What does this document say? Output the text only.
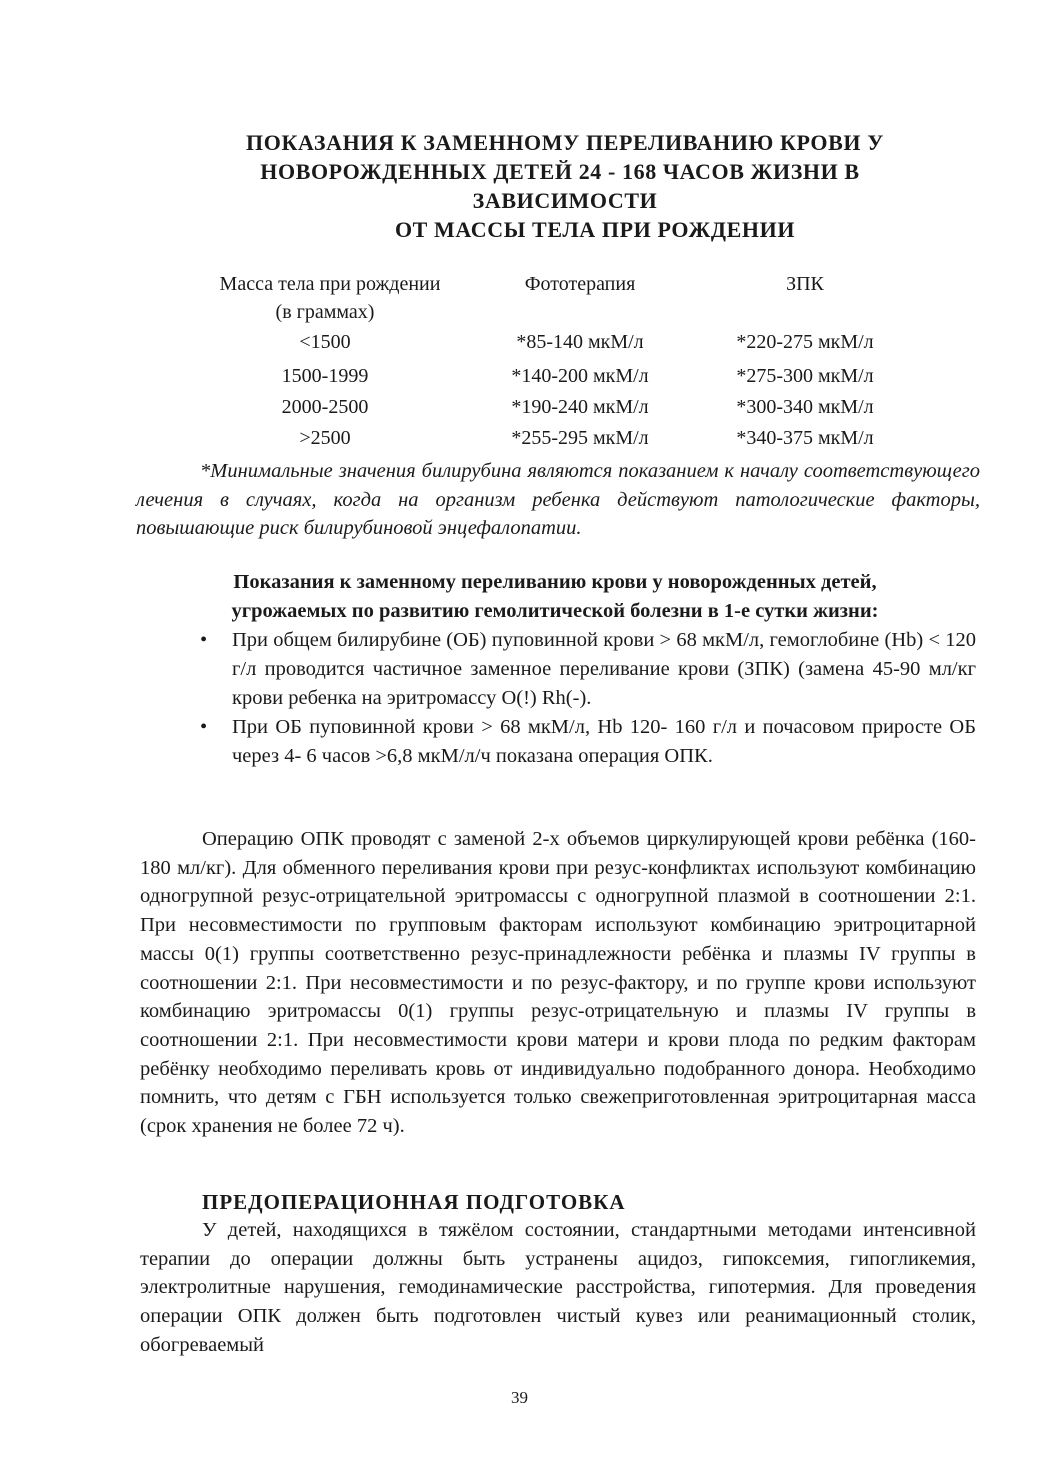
ПОКАЗАНИЯ К ЗАМЕННОМУ ПЕРЕЛИВАНИЮ КРОВИ У
НОВОРОЖДЕННЫХ ДЕТЕЙ 24 - 168 ЧАСОВ ЖИЗНИ В
ЗАВИСИМОСТИ
ОТ МАССЫ ТЕЛА ПРИ РОЖДЕНИИ
Масса тела при рождении	Фототерапия	ЗПК
(в граммах)
<1500	*85-140 мкМ/л	*220-275 мкМ/л
1500-1999	*140-200 мкМ/л	*275-300 мкМ/л
2000-2500	*190-240 мкМ/л	*300-340 мкМ/л
>2500	*255-295 мкМ/л	*340-375 мкМ/л
*Минимальные значения билирубина являются показанием к началу соответствующего лечения в случаях, когда на организм ребенка действуют патологические факторы, повышающие риск билирубиновой энцефалопатии.
Показания к заменному переливанию крови у новорожденных детей,
угрожаемых по развитию гемолитической болезни в 1-е сутки жизни:
• При общем билирубине (ОБ) пуповинной крови > 68 мкМ/л, гемоглобине (Hb) < 120 г/л проводится частичное заменное переливание крови (ЗПК) (замена 45-90 мл/кг крови ребенка на эритромассу О(!) Rh(-).
• При ОБ пуповинной крови > 68 мкМ/л, Hb 120- 160 г/л и почасовом приросте ОБ через 4- 6 часов >6,8 мкМ/л/ч показана операция ОПК.
Операцию ОПК проводят с заменой 2-х объемов циркулирующей крови ребёнка (160-180 мл/кг). Для обменного переливания крови при резус-конфликтах используют комбинацию одногрупной резус-отрицательной эритромассы с одногрупной плазмой в соотношении 2:1. При несовместимости по групповым факторам используют комбинацию эритроцитарной массы 0(1) группы соответственно резус-принадлежности ребёнка и плазмы IV группы в соотношении 2:1. При несовместимости и по резус-фактору, и по группе крови используют комбинацию эритромассы 0(1) группы резус-отрицательную и плазмы IV группы в соотношении 2:1. При несовместимости крови матери и крови плода по редким факторам ребёнку необходимо переливать кровь от индивидуально подобранного донора. Необходимо помнить, что детям с ГБН используется только свежеприготовленная эритроцитарная масса (срок хранения не более 72 ч).
ПРЕДОПЕРАЦИОННАЯ ПОДГОТОВКА
У детей, находящихся в тяжёлом состоянии, стандартными методами интенсивной терапии до операции должны быть устранены ацидоз, гипоксемия, гипогликемия, электролитные нарушения, гемодинамические расстройства, гипотермия. Для проведения операции ОПК должен быть подготовлен чистый кувез или реанимационный столик, обогреваемый
39
